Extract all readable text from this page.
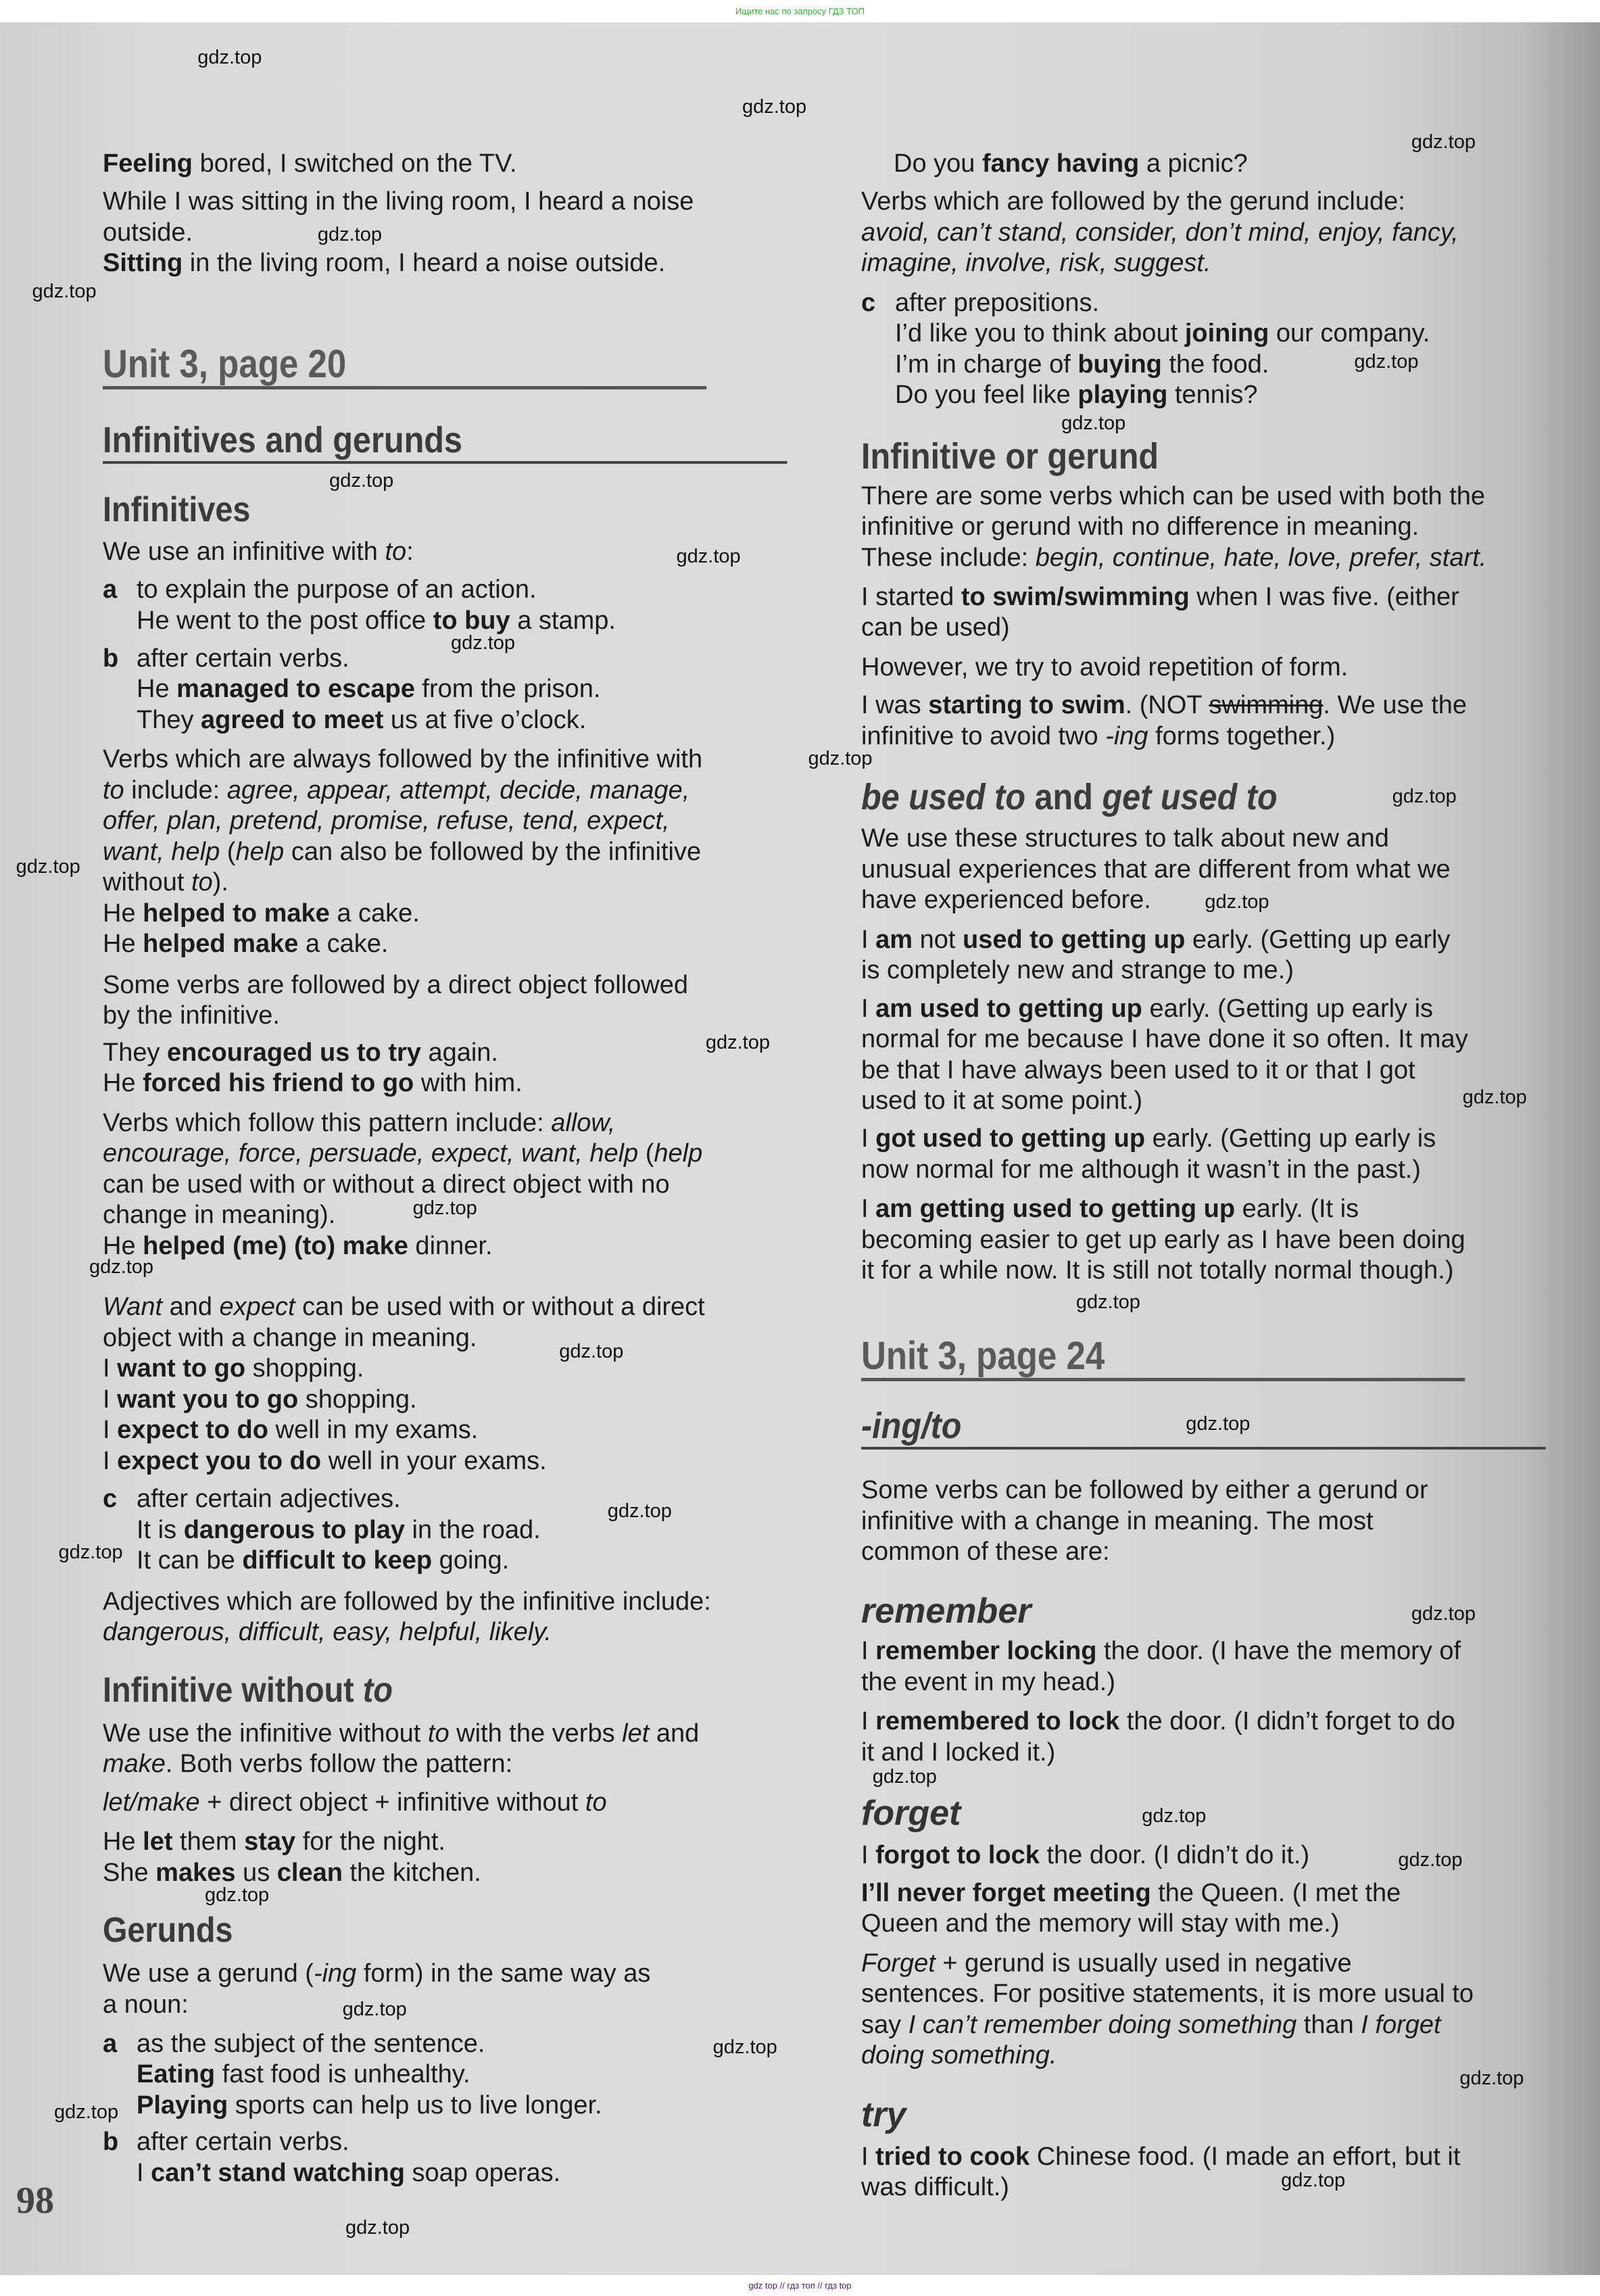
Ищите нас по запросу ГДЗ ТОП
Feeling bored, I switched on the TV.
While I was sitting in the living room, I heard a noise
outside.
Sitting in the living room, I heard a noise outside.
Unit 3, page 20
Infinitives and gerunds
Infinitives
We use an infinitive with to:
a to explain the purpose of an action.
He went to the post office to buy a stamp.
b after certain verbs.
He managed to escape from the prison.
They agreed to meet us at five o’clock.
Verbs which are always followed by the infinitive with
to include: agree, appear, attempt, decide, manage,
offer, plan, pretend, promise, refuse, tend, expect,
want, help (help can also be followed by the infinitive
without to).
He helped to make a cake.
He helped make a cake.
Some verbs are followed by a direct object followed
by the infinitive.
They encouraged us to try again.
He forced his friend to go with him.
Verbs which follow this pattern include: allow,
encourage, force, persuade, expect, want, help (help
can be used with or without a direct object with no
change in meaning).
He helped (me) (to) make dinner.
Want and expect can be used with or without a direct
object with a change in meaning.
I want to go shopping.
I want you to go shopping.
I expect to do well in my exams.
I expect you to do well in your exams.
c after certain adjectives.
It is dangerous to play in the road.
It can be difficult to keep going.
Adjectives which are followed by the infinitive include:
dangerous, difficult, easy, helpful, likely.
Infinitive without to
We use the infinitive without to with the verbs let and
make. Both verbs follow the pattern:
let/make + direct object + infinitive without to
He let them stay for the night.
She makes us clean the kitchen.
Gerunds
We use a gerund (-ing form) in the same way as
a noun:
a as the subject of the sentence.
Eating fast food is unhealthy.
Playing sports can help us to live longer.
b after certain verbs.
I can’t stand watching soap operas.
Do you fancy having a picnic?
Verbs which are followed by the gerund include:
avoid, can’t stand, consider, don’t mind, enjoy, fancy,
imagine, involve, risk, suggest.
c after prepositions.
I’d like you to think about joining our company.
I’m in charge of buying the food.
Do you feel like playing tennis?
Infinitive or gerund
There are some verbs which can be used with both the
infinitive or gerund with no difference in meaning.
These include: begin, continue, hate, love, prefer, start.
I started to swim/swimming when I was five. (either
can be used)
However, we try to avoid repetition of form.
I was starting to swim. (NOT swimming. We use the
infinitive to avoid two -ing forms together.)
be used to and get used to
We use these structures to talk about new and
unusual experiences that are different from what we
have experienced before.
I am not used to getting up early. (Getting up early
is completely new and strange to me.)
I am used to getting up early. (Getting up early is
normal for me because I have done it so often. It may
be that I have always been used to it or that I got
used to it at some point.)
I got used to getting up early. (Getting up early is
now normal for me although it wasn’t in the past.)
I am getting used to getting up early. (It is
becoming easier to get up early as I have been doing
it for a while now. It is still not totally normal though.)
Unit 3, page 24
-ing/to
Some verbs can be followed by either a gerund or
infinitive with a change in meaning. The most
common of these are:
remember
I remember locking the door. (I have the memory of
the event in my head.)
I remembered to lock the door. (I didn’t forget to do
it and I locked it.)
forget
I forgot to lock the door. (I didn’t do it.)
I’ll never forget meeting the Queen. (I met the
Queen and the memory will stay with me.)
Forget + gerund is usually used in negative
sentences. For positive statements, it is more usual to
say I can’t remember doing something than I forget
doing something.
try
I tried to cook Chinese food. (I made an effort, but it
was difficult.)
gdz.top
gdz.top
gdz.top
gdz.top
gdz.top
gdz.top
gdz.top
gdz.top
gdz.top
gdz.top
gdz.top
gdz.top
gdz.top
gdz.top
gdz.top
gdz.top
gdz.top
gdz.top
gdz.top
gdz.top
gdz.top
gdz.top
gdz.top
gdz.top
gdz.top
gdz.top
gdz.top
gdz.top
gdz.top
gdz.top
gdz.top
gdz.top
gdz.top
gdz.top
98
gdz top // гдз топ // гдз top
